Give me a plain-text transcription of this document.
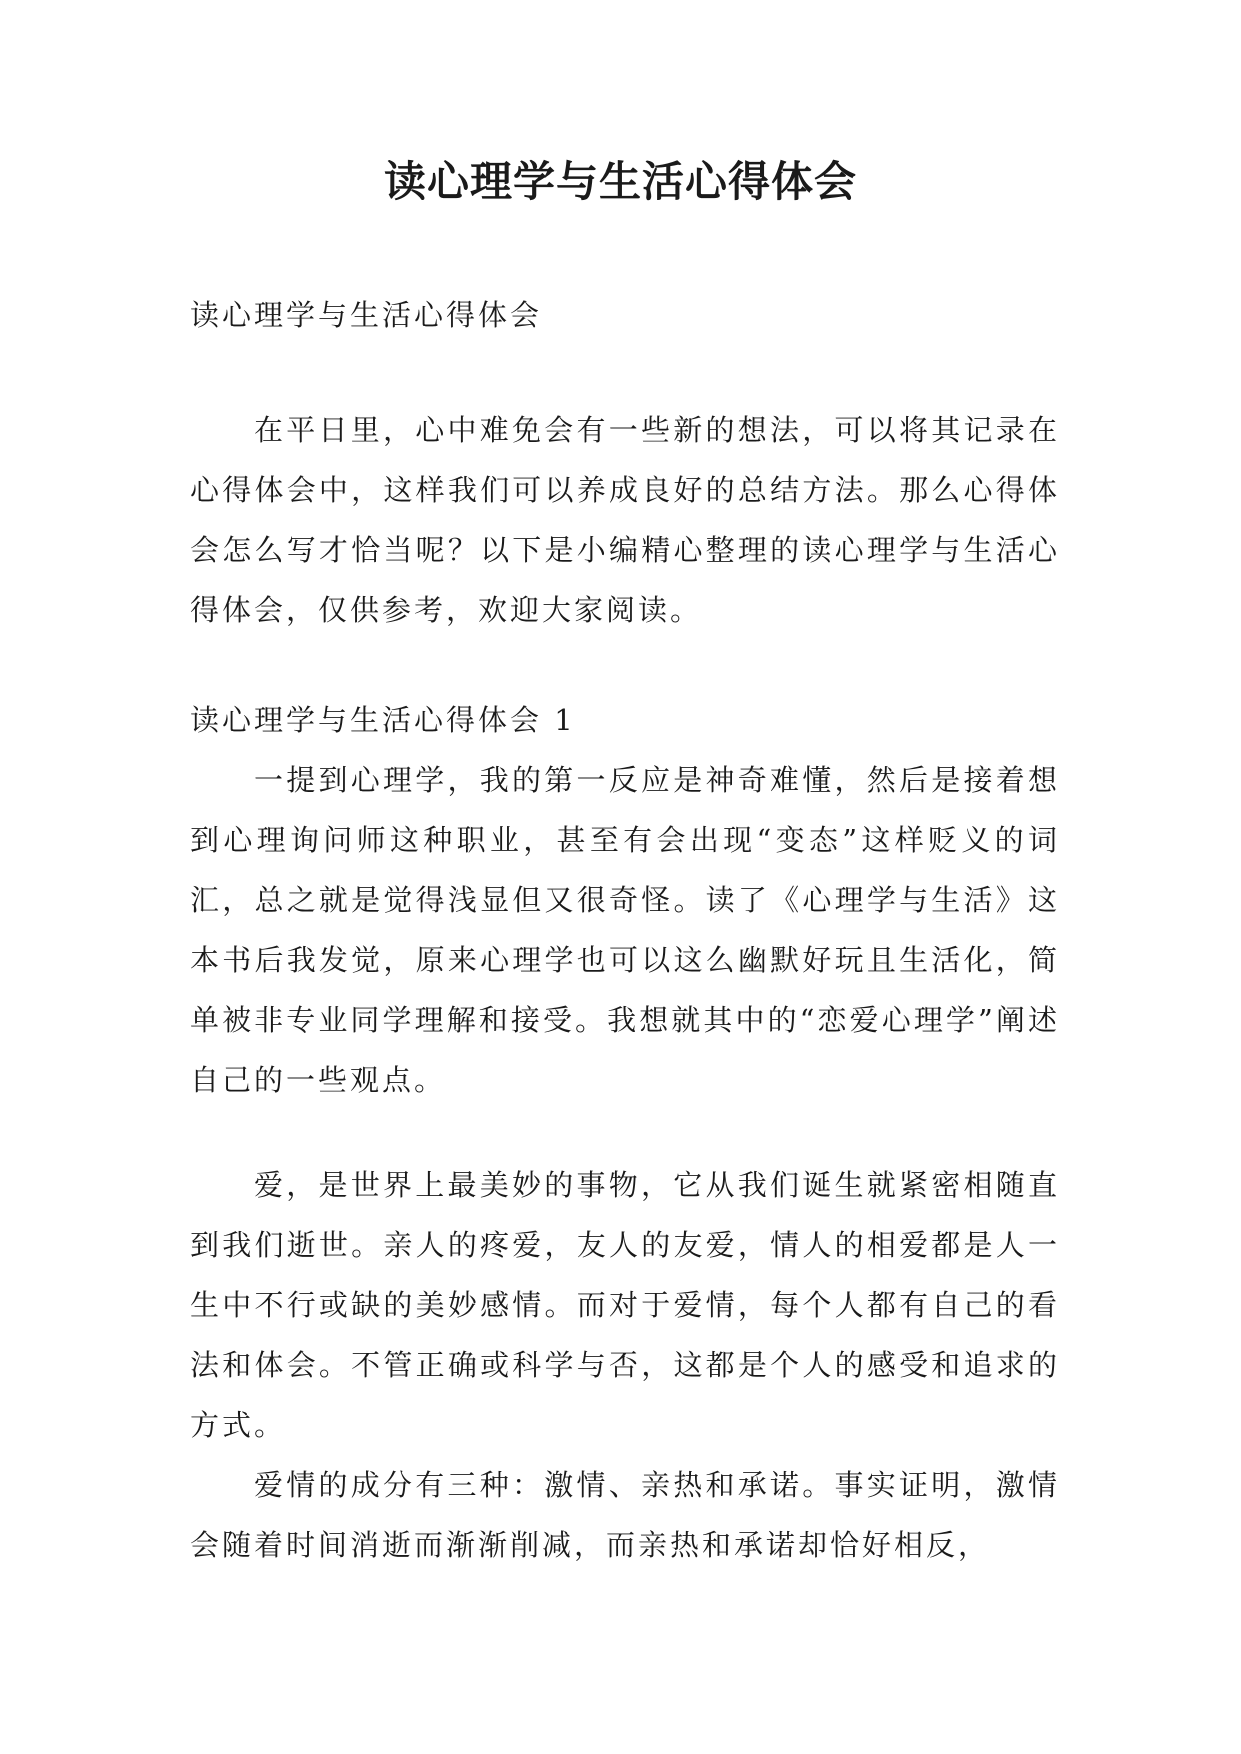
读心理学与生活心得体会

读心理学与生活心得体会

在平日里，心中难免会有一些新的想法，可以将其记录在心得体会中，这样我们可以养成良好的总结方法。那么心得体会怎么写才恰当呢？以下是小编精心整理的读心理学与生活心得体会，仅供参考，欢迎大家阅读。

读心理学与生活心得体会 1

一提到心理学，我的第一反应是神奇难懂，然后是接着想到心理询问师这种职业，甚至有会出现“变态”这样贬义的词汇，总之就是觉得浅显但又很奇怪。读了《心理学与生活》这本书后我发觉，原来心理学也可以这么幽默好玩且生活化，简单被非专业同学理解和接受。我想就其中的“恋爱心理学”阐述自己的一些观点。

爱，是世界上最美妙的事物，它从我们诞生就紧密相随直到我们逝世。亲人的疼爱，友人的友爱，情人的相爱都是人一生中不行或缺的美妙感情。而对于爱情，每个人都有自己的看法和体会。不管正确或科学与否，这都是个人的感受和追求的方式。

爱情的成分有三种：激情、亲热和承诺。事实证明，激情会随着时间消逝而渐渐削减，而亲热和承诺却恰好相反，
